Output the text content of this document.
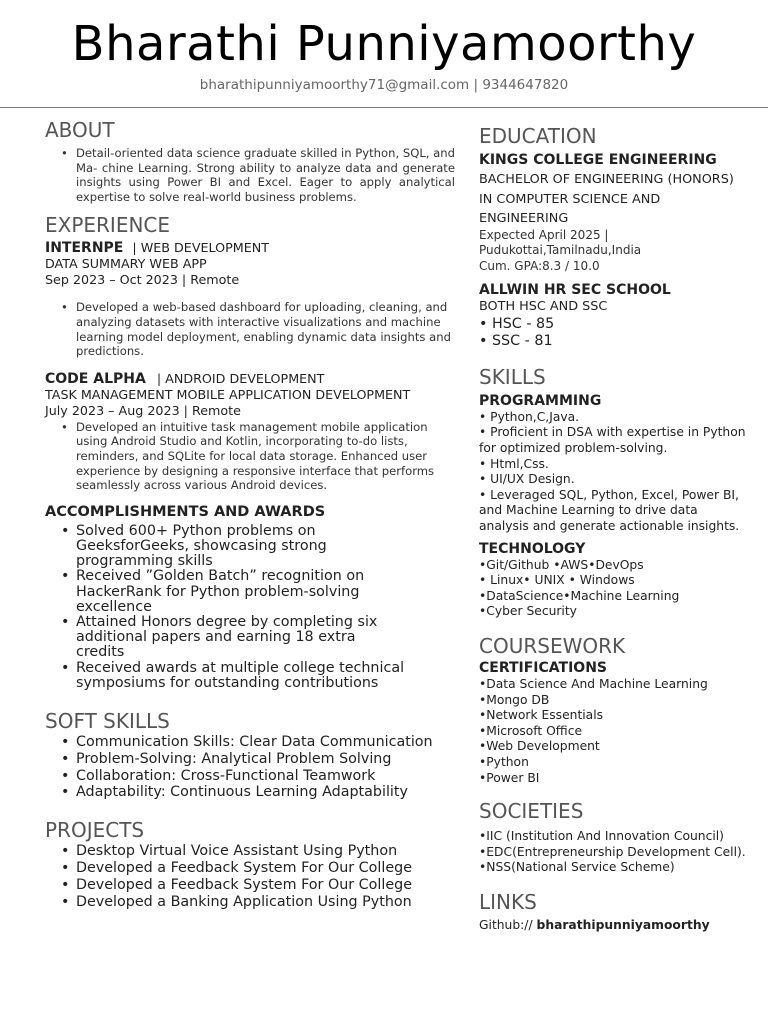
Bharathi Punniyamoorthy
bharathipunniyamoorthy71@gmail.com | 9344647820
ABOUT
• Detail-oriented data science graduate skilled in Python, SQL, and Ma- chine Learning. Strong ability to analyze data and generate insights using Power BI and Excel. Eager to apply analytical expertise to solve real-world business problems.
EXPERIENCE
INTERNPE | WEB DEVELOPMENT
DATA SUMMARY WEB APP
Sep 2023 – Oct 2023 | Remote
• Developed a web-based dashboard for uploading, cleaning, and analyzing datasets with interactive visualizations and machine learning model deployment, enabling dynamic data insights and predictions.
CODE ALPHA | ANDROID DEVELOPMENT
TASK MANAGEMENT MOBILE APPLICATION DEVELOPMENT
July 2023 – Aug 2023 | Remote
• Developed an intuitive task management mobile application using Android Studio and Kotlin, incorporating to-do lists, reminders, and SQLite for local data storage. Enhanced user experience by designing a responsive interface that performs seamlessly across various Android devices.
ACCOMPLISHMENTS AND AWARDS
• Solved 600+ Python problems on GeeksforGeeks, showcasing strong programming skills
• Received ”Golden Batch” recognition on HackerRank for Python problem-solving excellence
• Attained Honors degree by completing six additional papers and earning 18 extra credits
• Received awards at multiple college technical symposiums for outstanding contributions
SOFT SKILLS
• Communication Skills: Clear Data Communication
• Problem-Solving: Analytical Problem Solving
• Collaboration: Cross-Functional Teamwork
• Adaptability: Continuous Learning Adaptability
PROJECTS
• Desktop Virtual Voice Assistant Using Python
• Developed a Feedback System For Our College
• Developed a Feedback System For Our College
• Developed a Banking Application Using Python
EDUCATION
KINGS COLLEGE ENGINEERING BACHELOR OF ENGINEERING (HONORS) IN COMPUTER SCIENCE AND ENGINEERING
Expected April 2025 |
Pudukottai,Tamilnadu,India
Cum. GPA:8.3 / 10.0
ALLWIN HR SEC SCHOOL
BOTH HSC AND SSC
• HSC - 85
• SSC - 81
SKILLS
PROGRAMMING
• Python,C,Java.
• Proficient in DSA with expertise in Python for optimized problem-solving.
• Html,Css.
• UI/UX Design.
• Leveraged SQL, Python, Excel, Power BI, and Machine Learning to drive data analysis and generate actionable insights.
TECHNOLOGY
•Git/Github •AWS•DevOps
• Linux• UNIX • Windows
•DataScience•Machine Learning
•Cyber Security
COURSEWORK
CERTIFICATIONS
•Data Science And Machine Learning
•Mongo DB
•Network Essentials
•Microsoft Office
•Web Development
•Python
•Power BI
SOCIETIES
•IIC (Institution And Innovation Council)
•EDC(Entrepreneurship Development Cell).
•NSS(National Service Scheme)
LINKS
Github:// bharathipunniyamoorthy
